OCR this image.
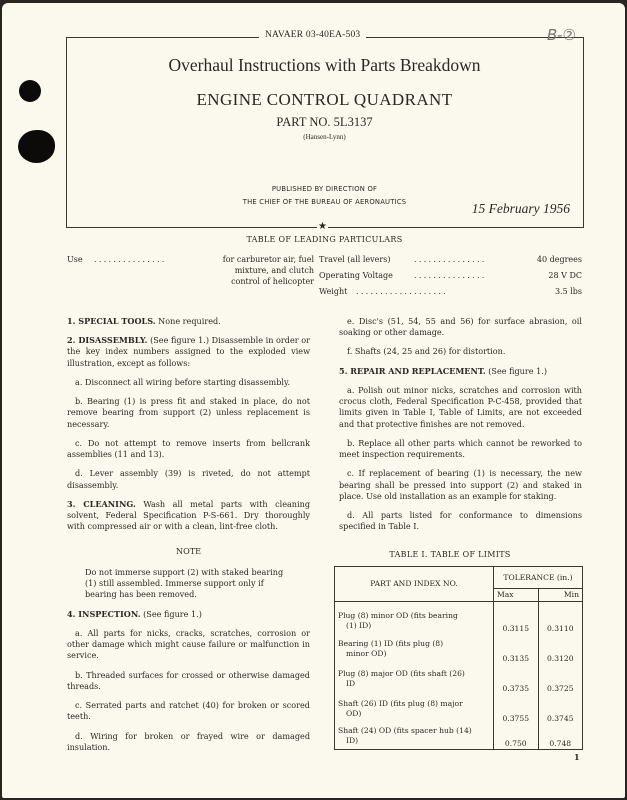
★
NAVAER 03-40EA-503	B-②
Overhaul Instructions with Parts Breakdown
ENGINE CONTROL QUADRANT
PART NO. 5L3137
(Hansen-Lynn)
PUBLISHED BY DIRECTION OF
THE CHIEF OF THE BUREAU OF AERONAUTICS	15 February 1956
TABLE OF LEADING PARTICULARS
Use ...............	for carburetor air, fuel
mixture, and clutch
control of helicopter
Travel (all levers)	...............	40 degrees
Operating Voltage	...............	28 V DC
Weight ...................	3.5 lbs

1. SPECIAL TOOLS. None required.

2. DISASSEMBLY. (See figure 1.) Disassemble in order or the key index numbers assigned to the exploded view illustration, except as follows:

a. Disconnect all wiring before starting disassembly.

b. Bearing (1) is press fit and staked in place, do not remove bearing from support (2) unless replacement is necessary.

c. Do not attempt to remove inserts from bellcrank assemblies (11 and 13).

d. Lever assembly (39) is riveted, do not attempt disassembly.

3. CLEANING. Wash all metal parts with cleaning solvent, Federal Specification P-S-661. Dry thoroughly with compressed air or with a clean, lint-free cloth.

NOTE
Do not immerse support (2) with staked bearing (1) still assembled. Immerse support only if bearing has been removed.

4. INSPECTION. (See figure 1.)

a. All parts for nicks, cracks, scratches, corrosion or other damage which might cause failure or malfunction in service.

b. Threaded surfaces for crossed or otherwise damaged threads.

c. Serrated parts and ratchet (40) for broken or scored teeth.

d. Wiring for broken or frayed wire or damaged insulation.

e. Disc's (51, 54, 55 and 56) for surface abrasion, oil soaking or other damage.

f. Shafts (24, 25 and 26) for distortion.

5. REPAIR AND REPLACEMENT. (See figure 1.)

a. Polish out minor nicks, scratches and corrosion with crocus cloth, Federal Specification P-C-458, provided that limits given in Table I, Table of Limits, are not exceeded and that protective finishes are not removed.

b. Replace all other parts which cannot be reworked to meet inspection requirements.

c. If replacement of bearing (1) is necessary, the new bearing shall be pressed into support (2) and staked in place. Use old installation as an example for staking.

d. All parts listed for conformance to dimensions specified in Table I.

TABLE I. TABLE OF LIMITS
PART AND INDEX NO.	TOLERANCE (in.)	
	Max	Min

Plug (8) minor OD (fits bearing
(1) ID)	0.3115	0.3110

Bearing (1) ID (fits plug (8)
minor OD)	0.3135	0.3120

Plug (8) major OD (fits shaft (26)
ID	0.3735	0.3725

Shaft (26) ID (fits plug (8) major
OD)	0.3755	0.3745

Shaft (24) OD (fits spacer hub (14)
ID)	0.750	0.748
1
